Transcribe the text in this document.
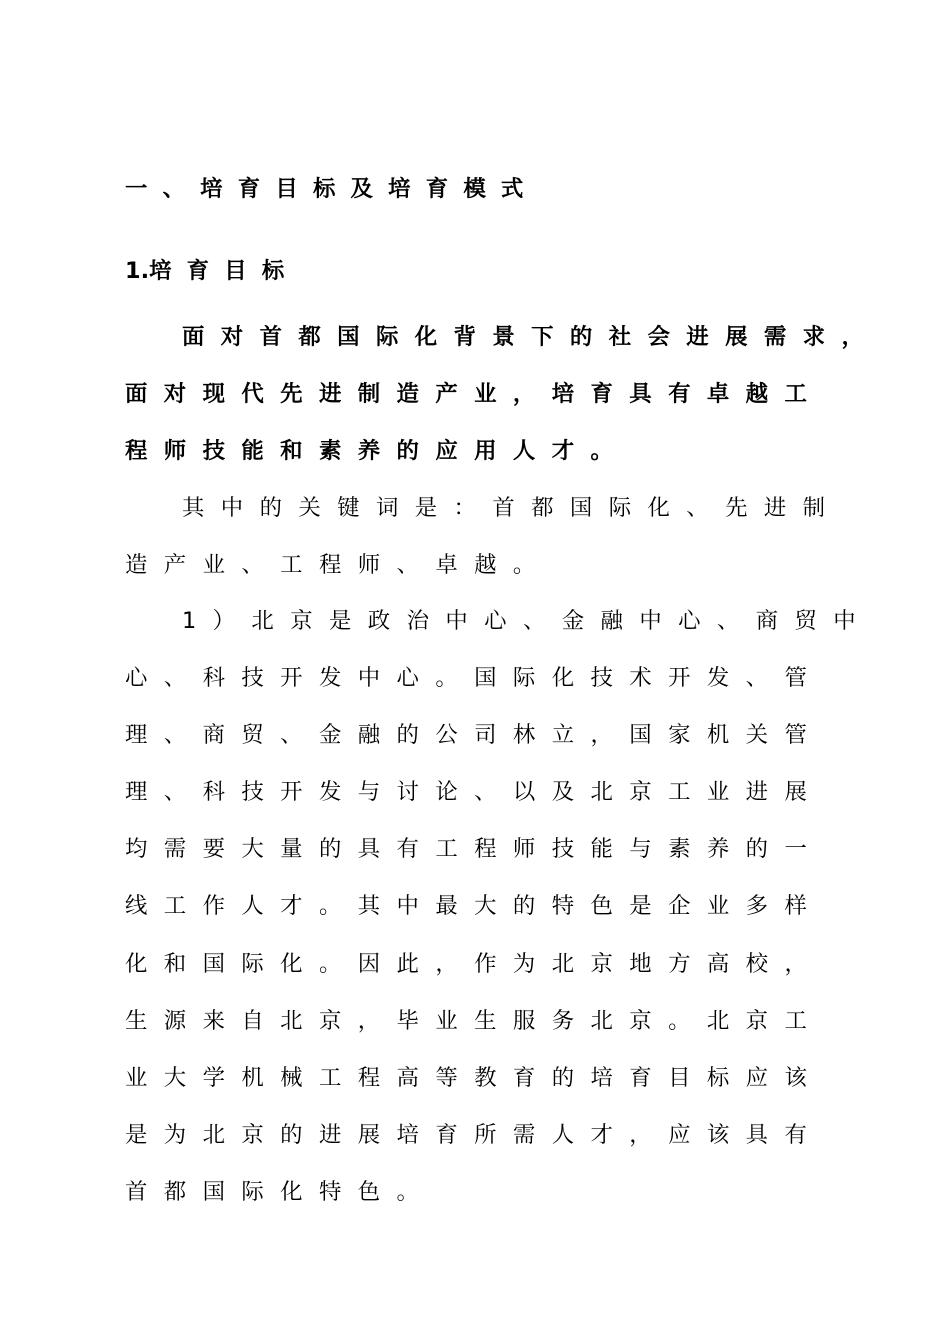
一、培育目标及培育模式
1.培育目标
面对首都国际化背景下的社会进展需求，
面对现代先进制造产业，培育具有卓越工
程师技能和素养的应用人才。
其中的关键词是：首都国际化、先进制
造产业、工程师、卓越。
1）北京是政治中心、金融中心、商贸中
心、科技开发中心。国际化技术开发、管
理、商贸、金融的公司林立，国家机关管
理、科技开发与讨论、以及北京工业进展
均需要大量的具有工程师技能与素养的一
线工作人才。其中最大的特色是企业多样
化和国际化。因此，作为北京地方高校，
生源来自北京，毕业生服务北京。北京工
业大学机械工程高等教育的培育目标应该
是为北京的进展培育所需人才，应该具有
首都国际化特色。
